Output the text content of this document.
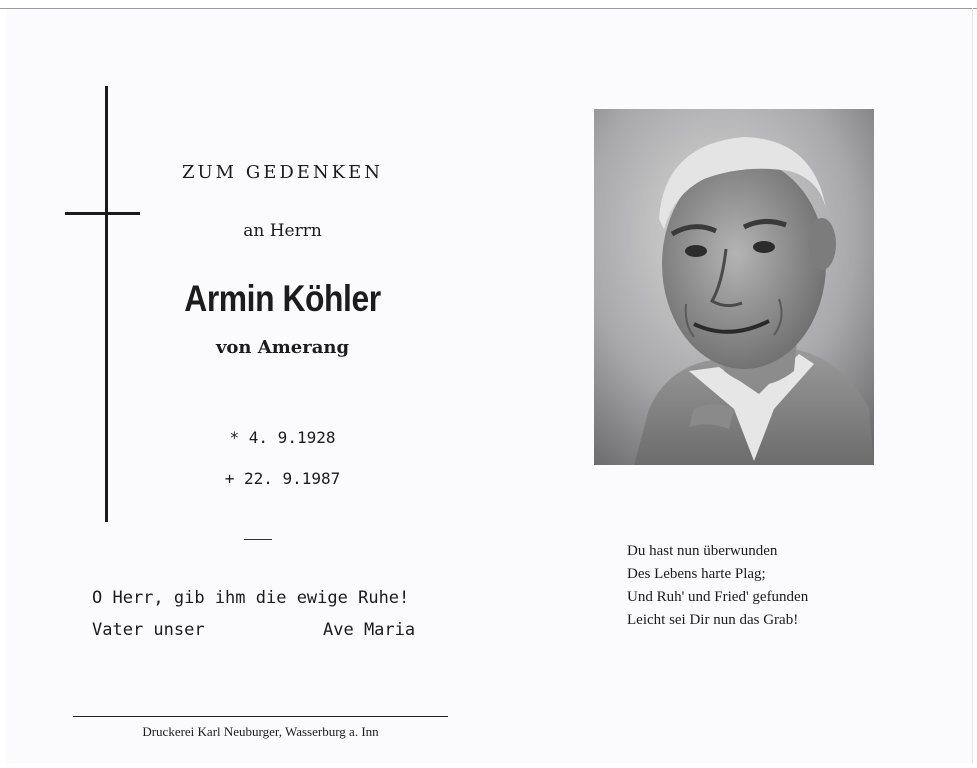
ZUM GEDENKEN
an Herrn
Armin Köhler
von Amerang
* 4. 9.1928
+ 22. 9.1987
O Herr, gib ihm die ewige Ruhe!
Vater unser	Ave Maria
Druckerei Karl Neuburger, Wasserburg a. Inn
Du hast nun überwunden
Des Lebens harte Plag;
Und Ruh' und Fried' gefunden
Leicht sei Dir nun das Grab!
